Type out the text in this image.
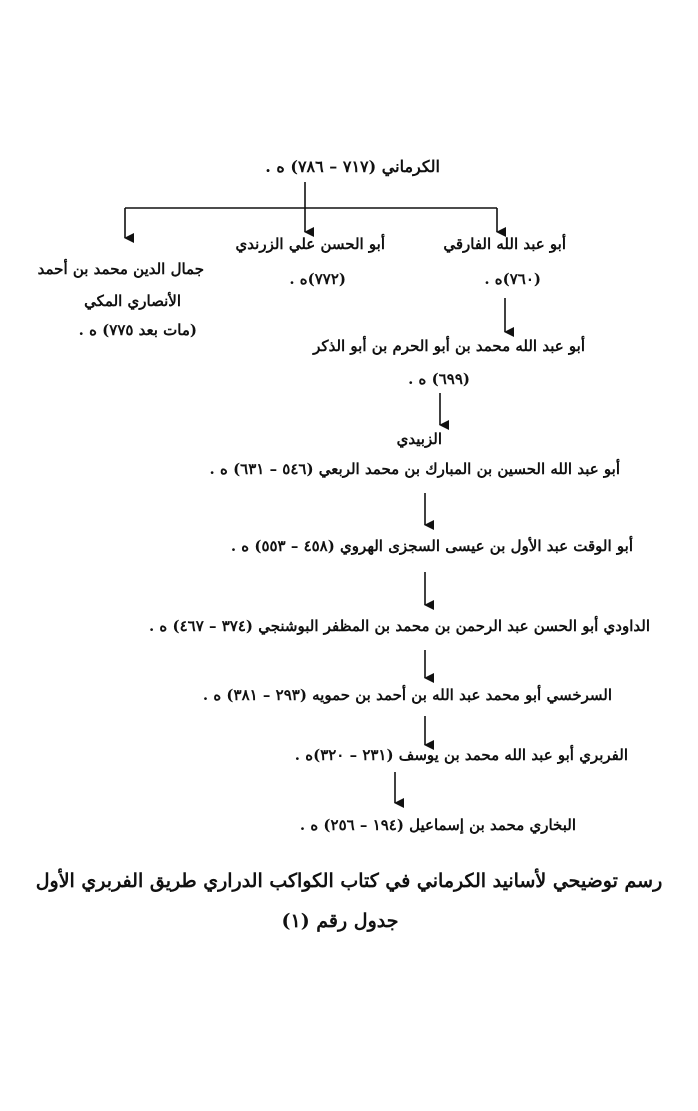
الكرماني (٧١٧ – ٧٨٦) ه .
أبو عبد الله الفارقي
(٧٦٠)ه .
أبو الحسن علي الزرندي
(٧٧٢)ه .
جمال الدين محمد بن أحمد
الأنصاري المكي
(مات بعد ٧٧٥) ه .
أبو عبد الله محمد بن أبو الحرم بن أبو الذكر
(٦٩٩) ه .
الزبيدي
أبو عبد الله الحسين بن المبارك بن محمد الربعي (٥٤٦ – ٦٣١) ه .
أبو الوقت عبد الأول بن عيسى السجزى الهروي (٤٥٨ – ٥٥٣) ه .
الداودي أبو الحسن عبد الرحمن بن محمد بن المظفر البوشنجي (٣٧٤ – ٤٦٧) ه .
السرخسي أبو محمد عبد الله بن أحمد بن حمويه (٢٩٣ – ٣٨١) ه .
الفربري أبو عبد الله محمد بن يوسف (٢٣١ – ٣٢٠)ه .
البخاري محمد بن إسماعيل (١٩٤ – ٢٥٦) ه .
رسم توضيحي لأسانيد الكرماني في كتاب الكواكب الدراري طريق الفربري الأول
جدول رقم (١)
